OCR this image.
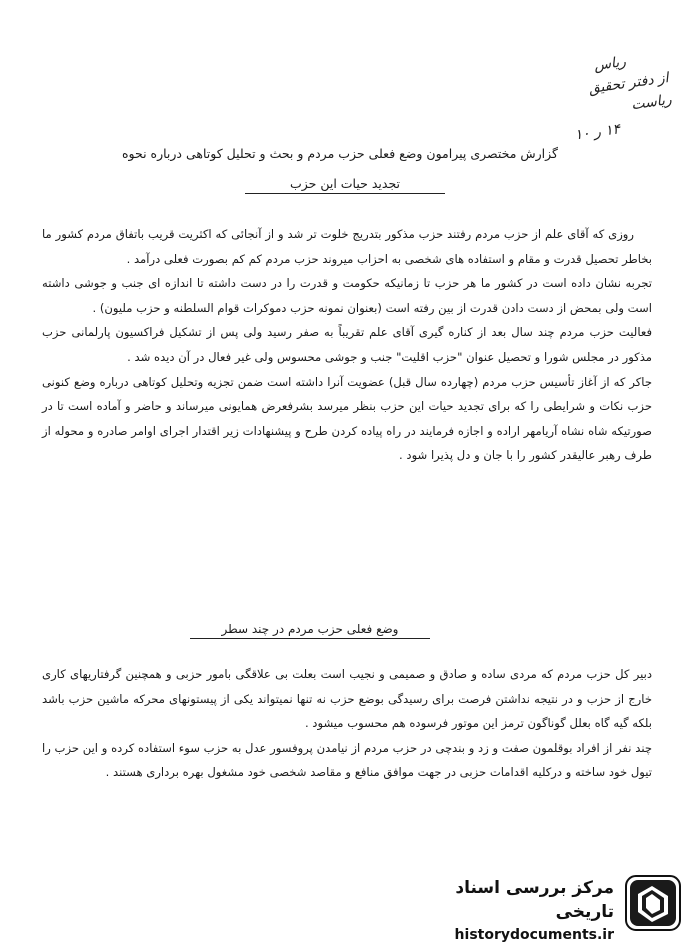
ریاس
از دفتر تحقیق ریاست
۱۴ ر ۱۰
گزارش مختصری پیرامون وضع فعلی حزب مردم و بحث و تحلیل کوتاهی درباره نحوه
تجدید حیات این حزب

روزی که آقای علم از حزب مردم رفتند حزب مذکور بتدریج خلوت تر شد و از آنجائی که اکثریت قریب باتفاق مردم کشور ما بخاطر تحصیل قدرت و مقام و استفاده های شخصی به احزاب میروند حزب مردم کم کم بصورت فعلی درآمد .

تجربه نشان داده است در کشور ما هر حزب تا زمانیکه حکومت و قدرت را در دست داشته تا اندازه ای جنب و جوشی داشته است ولی بمحض از دست دادن قدرت از بین رفته است (بعنوان نمونه حزب دموکرات قوام السلطنه و حزب ملیون) .

فعالیت حزب مردم چند سال بعد از کناره گیری آقای علم تقریباً به صفر رسید ولی پس از تشکیل فراکسیون پارلمانی حزب مذکور در مجلس شورا و تحصیل عنوان "حزب اقلیت" جنب و جوشی محسوس ولی غیر فعال در آن دیده شد .

جاکر که از آغاز تأسیس حزب مردم (چهارده سال قبل) عضویت آنرا داشته است ضمن تجزیه وتحلیل کوتاهی درباره وضع کنونی حزب نکات و شرایطی را که برای تجدید حیات این حزب بنظر میرسد بشرفعرض همایونی میرساند و حاضر و آماده است تا در صورتیکه شاه نشاه آریامهر اراده و اجازه فرمایند در راه پیاده کردن طرح و پیشنهادات زیر اقتدار اجرای اوامر صادره و محوله از طرف رهبر عالیقدر کشور را با جان و دل پذیرا شود .

وضع فعلی حزب مردم در چند سطر

دبیر کل حزب مردم که مردی ساده و صادق و صمیمی و نجیب است بعلت بی علاقگی بامور حزبی و همچنین گرفتاریهای کاری خارج از حزب و در نتیجه نداشتن فرصت برای رسیدگی بوضع حزب نه تنها نمیتواند یکی از پیستونهای محرکه ماشین حزب باشد بلکه گیه گاه بعلل گوناگون ترمز این موتور فرسوده هم محسوب میشود .

چند نفر از افراد بوقلمون صفت و زد و بندچی در حزب مردم از نیامدن پروفسور عدل به حزب سوء استفاده کرده و این حزب را تیول خود ساخته و درکلیه اقدامات حزبی در جهت موافق منافع و مقاصد شخصی خود مشغول بهره برداری هستند .

مرکز بررسی اسناد تاریخی
historydocuments.ir
